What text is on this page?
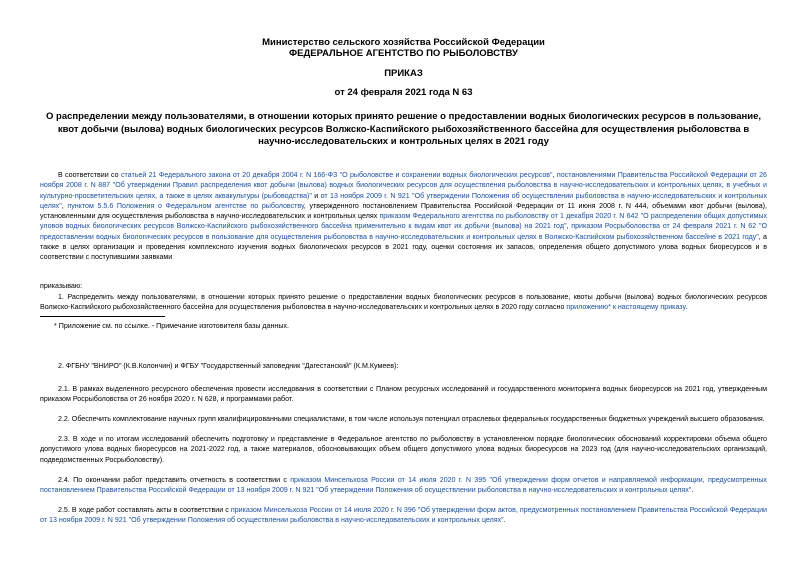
Министерство сельского хозяйства Российской Федерации
ФЕДЕРАЛЬНОЕ АГЕНТСТВО ПО РЫБОЛОВСТВУ
ПРИКАЗ
от 24 февраля 2021 года N 63
О распределении между пользователями, в отношении которых принято решение о предоставлении водных биологических ресурсов в пользование, квот добычи (вылова) водных биологических ресурсов Волжско-Каспийского рыбохозяйственного бассейна для осуществления рыболовства в научно-исследовательских и контрольных целях в 2021 году
В соответствии со статьей 21 Федерального закона от 20 декабря 2004 г. N 166-ФЗ "О рыболовстве и сохранении водных биологических ресурсов", постановлениями Правительства Российской Федерации от 26 ноября 2008 г. N 887 "Об утверждении Правил распределения квот добычи (вылова) водных биологических ресурсов для осуществления рыболовства в научно-исследовательских и контрольных целях, в учебных и культурно-просветительских целях, а также в целях аквакультуры (рыбоводства)" и от 13 ноября 2009 г. N 921 "Об утверждении Положения об осуществлении рыболовства в научно-исследовательских и контрольных целях", пунктом 5.5.6 Положения о Федеральном агентстве по рыболовству, утвержденного постановлением Правительства Российской Федерации от 11 июня 2008 г. N 444, объемами квот добычи (вылова), установленными для осуществления рыболовства в научно-исследовательских и контрольных целях приказом Федерального агентства по рыболовству от 1 декабря 2020 г. N 642 "О распределении общих допустимых уловов водных биологических ресурсов Волжско-Каспийского рыбохозяйственного бассейна применительно к видам квот их добычи (вылова) на 2021 год", приказом Росрыболовства от 24 февраля 2021 г. N 62 "О предоставлении водных биологических ресурсов в пользование для осуществления рыболовства в научно-исследовательских и контрольных целях в Волжско-Каспийском рыбохозяйственном бассейне в 2021 году", а также в целях организации и проведения комплексного изучения водных биологических ресурсов в 2021 году, оценки состояния их запасов, определения общего допустимого улова водных биоресурсов и в соответствии с поступившими заявками
приказываю:
1. Распределить между пользователями, в отношении которых принято решение о предоставлении водных биологических ресурсов в пользование, квоты добычи (вылова) водных биологических ресурсов Волжско-Каспийского рыбохозяйственного бассейна для осуществления рыболовства в научно-исследовательских и контрольных целях в 2020 году согласно приложению* к настоящему приказу.
* Приложение см. по ссылке. - Примечание изготовителя базы данных.
2. ФГБНУ "ВНИРО" (К.В.Колончин) и ФГБУ "Государственный заповедник "Дагестанский" (К.М.Кумеев):
2.1. В рамках выделенного ресурсного обеспечения провести исследования в соответствии с Планом ресурсных исследований и государственного мониторинга водных биоресурсов на 2021 год, утвержденным приказом Росрыболовства от 26 ноября 2020 г. N 628, и программами работ.
2.2. Обеспечить комплектование научных групп квалифицированными специалистами, в том числе используя потенциал отраслевых федеральных государственных бюджетных учреждений высшего образования.
2.3. В ходе и по итогам исследований обеспечить подготовку и представление в Федеральное агентство по рыболовству в установленном порядке биологических обоснований корректировки объема общего допустимого улова водных биоресурсов на 2021-2022 год, а также материалов, обосновывающих объем общего допустимого улова водных биоресурсов на 2023 год (для научно-исследовательских организаций, подведомственных Росрыболовству).
2.4. По окончании работ представить отчетность в соответствии с приказом Минсельхоза России от 14 июля 2020 г. N 395 "Об утверждении форм отчетов и направляемой информации, предусмотренных постановлением Правительства Российской Федерации от 13 ноября 2009 г. N 921 "Об утверждении Положения об осуществлении рыболовства в научно-исследовательских и контрольных целях".
2.5. В ходе работ составлять акты в соответствии с приказом Минсельхоза России от 14 июля 2020 г. N 396 "Об утверждении форм актов, предусмотренных постановлением Правительства Российской Федерации от 13 ноября 2009 г. N 921 "Об утверждении Положения об осуществлении рыболовства в научно-исследовательских и контрольных целях".
